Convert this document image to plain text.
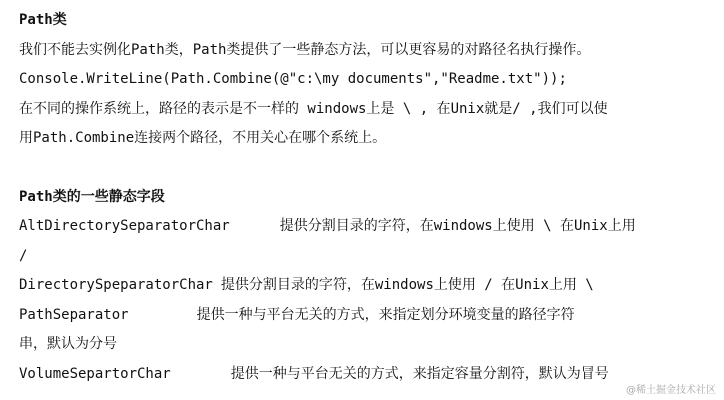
Path类
我们不能去实例化Path类，Path类提供了一些静态方法，可以更容易的对路径名执行操作。
Console.WriteLine(Path.Combine(@"c:\my documents","Readme.txt"));
在不同的操作系统上，路径的表示是不一样的 windows上是 \ , 在Unix就是/ ,我们可以使
用Path.Combine连接两个路径，不用关心在哪个系统上。
Path类的一些静态字段
AltDirectorySeparatorChar	提供分割目录的字符，在windows上使用 \ 在Unix上用
/
DirectorySpeparatorChar 提供分割目录的字符，在windows上使用 / 在Unix上用 \
PathSeparator	提供一种与平台无关的方式，来指定划分环境变量的路径字符
串，默认为分号
VolumeSepartorChar	提供一种与平台无关的方式，来指定容量分割符，默认为冒号
@稀土掘金技术社区
